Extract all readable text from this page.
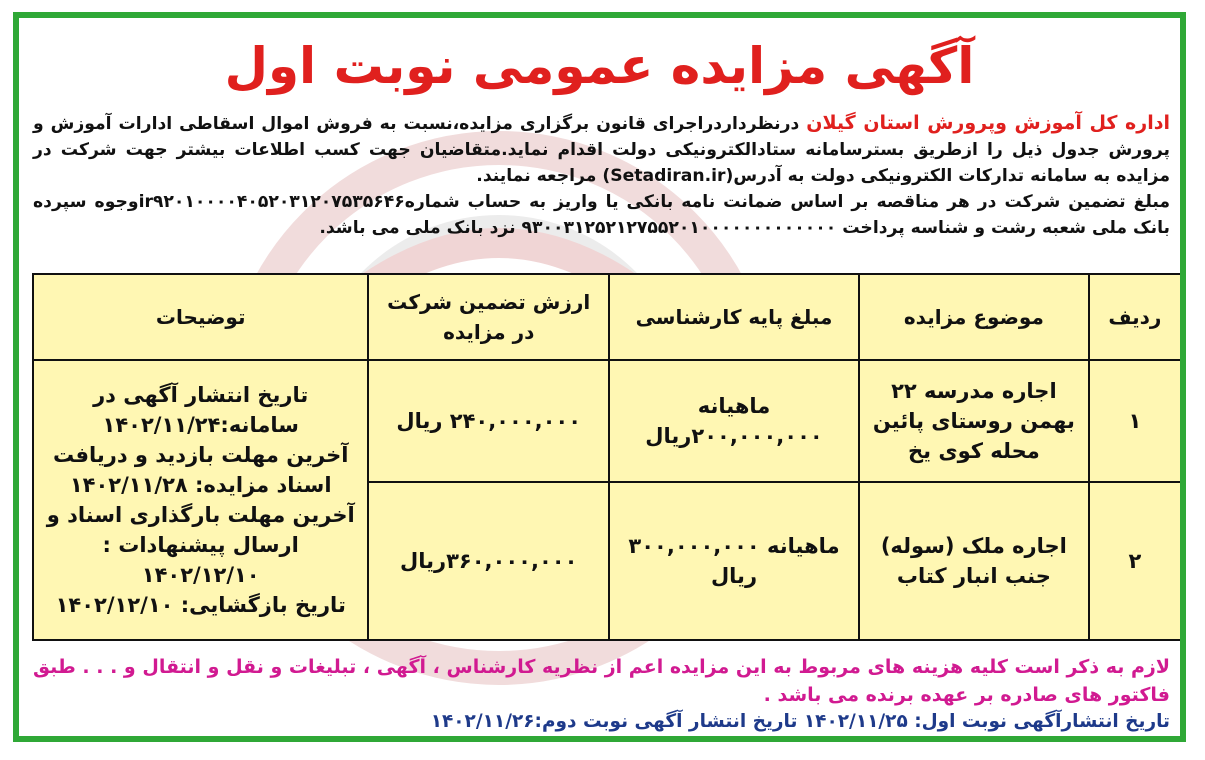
آگهی مزایده عمومی نوبت اول

اداره کل آموزش وپرورش استان گیلان درنظرداردراجرای قانون برگزاری مزایده،نسبت به فروش اموال اسقاطی ادارات آموزش و پرورش جدول ذیل را ازطریق بسترسامانه ستادالکترونیکی دولت اقدام نماید.متقاضیان جهت کسب اطلاعات بیشتر جهت شرکت در مزایده به سامانه تدارکات الکترونیکی دولت به آدرس(Setadiran.ir) مراجعه نمایند.
مبلغ تضمین شرکت در هر مناقصه بر اساس ضمانت نامه بانکی یا واریز به حساب شمارهir۹۲۰۱۰۰۰۰۴۰۵۲۰۳۱۲۰۷۵۳۵۶۴۶وجوه سپرده بانک ملی شعبه رشت و شناسه پرداخت ۹۳۰۰۳۱۲۵۲۱۲۷۵۵۲۰۱۰۰۰۰۰۰۰۰۰۰۰۰۰ نزد بانک ملی می باشد.

ردیف	موضوع مزایده	مبلغ پایه کارشناسی	ارزش تضمین شرکت در مزایده	توضیحات
۱	اجاره مدرسه ۲۲ بهمن روستای پائین محله کوی یخ	ماهیانه ۲۰۰,۰۰۰,۰۰۰ریال	۲۴۰,۰۰۰,۰۰۰ ریال	تاریخ انتشار آگهی در سامانه:۱۴۰۲/۱۱/۲۴
آخرین مهلت بازدید و دریافت اسناد مزایده: ۱۴۰۲/۱۱/۲۸
آخرین مهلت بارگذاری اسناد و ارسال پیشنهادات : ۱۴۰۲/۱۲/۱۰
تاریخ بازگشایی: ۱۴۰۲/۱۲/۱۰

۲	اجاره ملک (سوله) جنب انبار کتاب	ماهیانه ۳۰۰,۰۰۰,۰۰۰ ریال	۳۶۰,۰۰۰,۰۰۰ریال	
لازم به ذکر است کلیه هزینه های مربوط به این مزایده اعم از نظریه کارشناس ، آگهی ، تبلیغات و نقل و انتقال و . . . طبق فاکتور های صادره بر عهده برنده می باشد .
تاریخ انتشارآگهی نوبت اول: ۱۴۰۲/۱۱/۲۵ تاریخ انتشار آگهی نوبت دوم:۱۴۰۲/۱۱/۲۶
